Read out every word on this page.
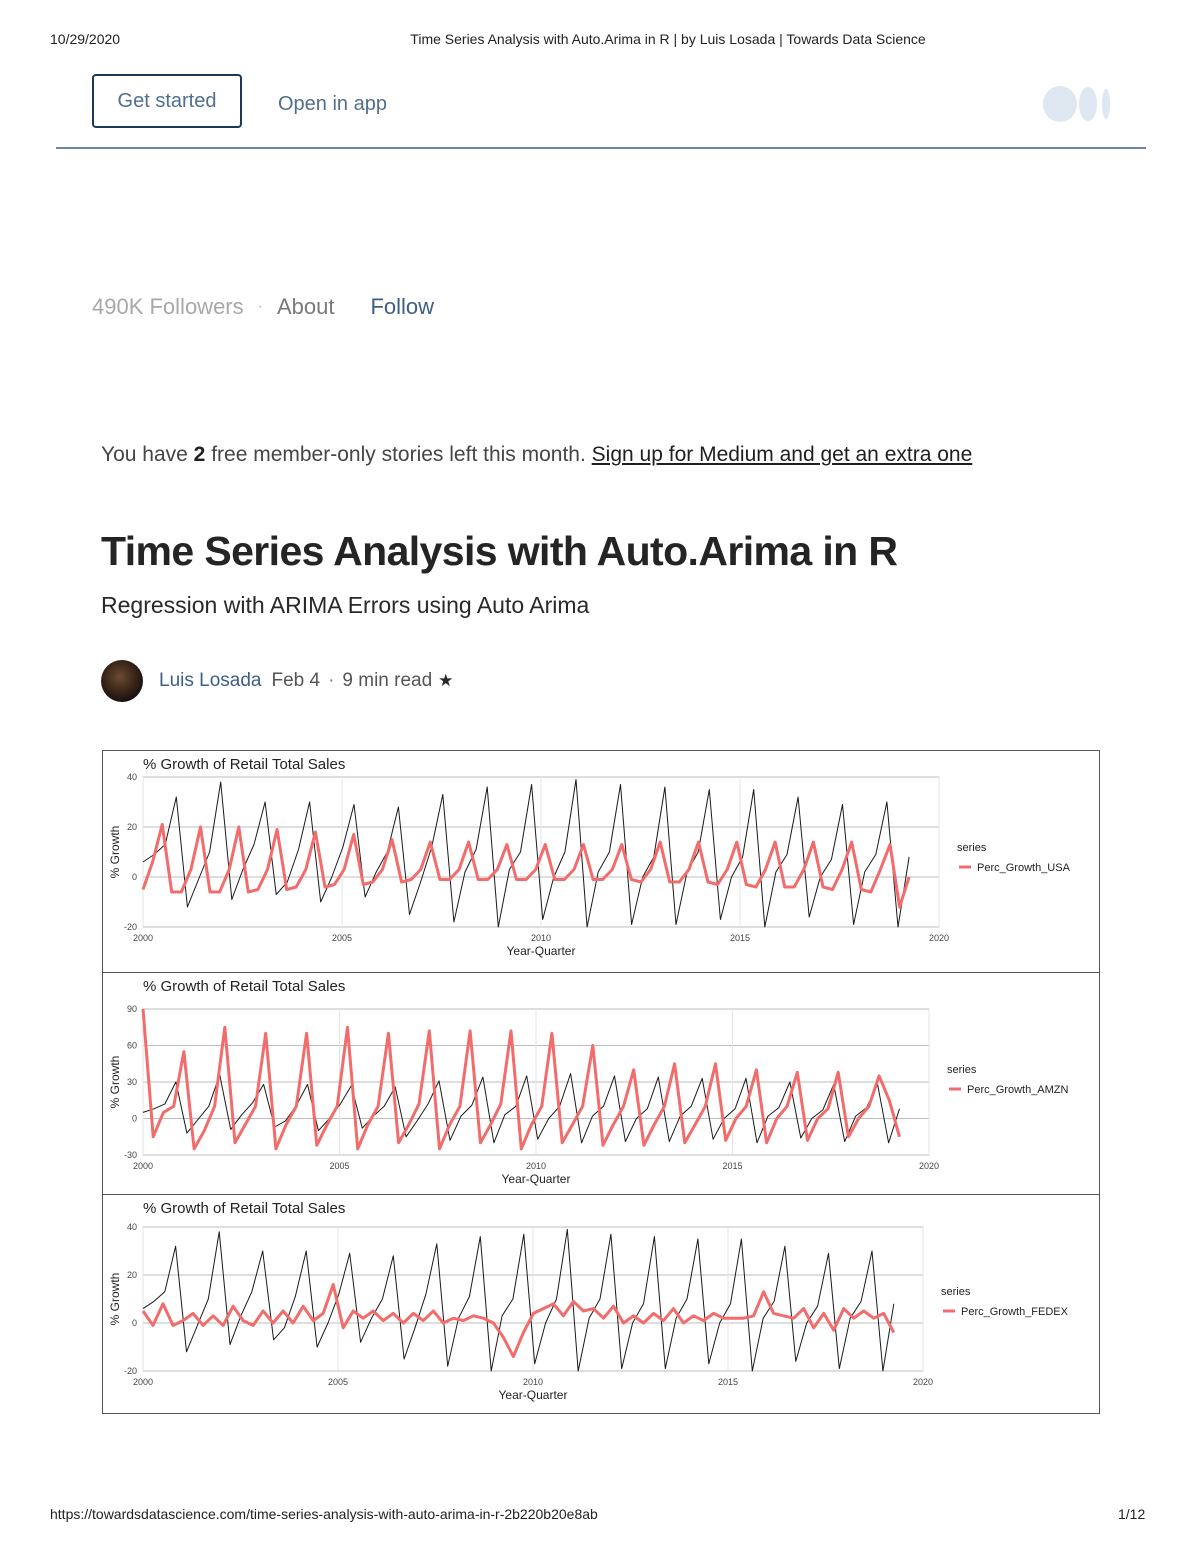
10/29/2020	Time Series Analysis with Auto.Arima in R | by Luis Losada | Towards Data Science
Get started	Open in app
490K Followers · About Follow
You have 2 free member-only stories left this month. Sign up for Medium and get an extra one
Time Series Analysis with Auto.Arima in R
Regression with ARIMA Errors using Auto Arima
Luis Losada Feb 4 · 9 min read ★
% Growth of Retail Total Sales
-20
0
20
40
2000	2005	2010	2015	2020
Year-Quarter
% Growth	series
Perc_Growth_USA
% Growth of Retail Total Sales
-30
0
30
60
90
2000	2005	2010	2015	2020
Year-Quarter
% Growth	series
Perc_Growth_AMZN
% Growth of Retail Total Sales
-20
0
20
40
2000	2005	2010	2015	2020
Year-Quarter
% Growth	series
Perc_Growth_FEDEX
https://towardsdatascience.com/time-series-analysis-with-auto-arima-in-r-2b220b20e8ab	1/12
